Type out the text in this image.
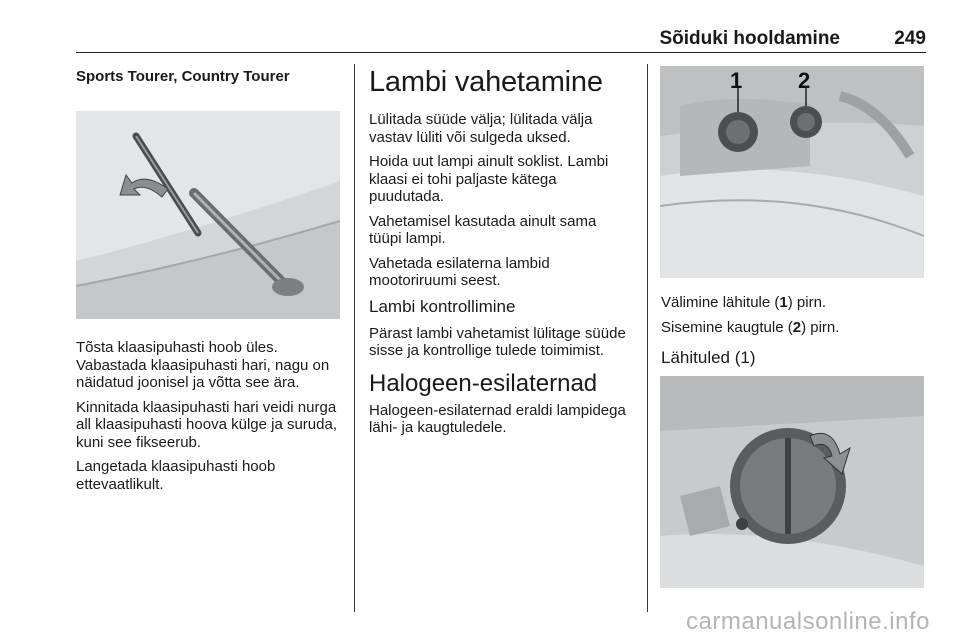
Sõiduki hooldamine	249
Sports Tourer, Country Tourer

Tõsta klaasipuhasti hoob üles. Vabastada klaasipuhasti hari, nagu on näidatud joonisel ja võtta see ära.

Kinnitada klaasipuhasti hari veidi nurga all klaasipuhasti hoova külge ja suruda, kuni see fikseerub.

Langetada klaasipuhasti hoob ettevaatlikult.

Lambi vahetamine

Lülitada süüde välja; lülitada välja vastav lüliti või sulgeda uksed.

Hoida uut lampi ainult soklist. Lambi klaasi ei tohi paljaste kätega puudutada.

Vahetamisel kasutada ainult sama tüüpi lampi.

Vahetada esilaterna lambid mootoriruumi seest.

Lambi kontrollimine

Pärast lambi vahetamist lülitage süüde sisse ja kontrollige tulede toimimist.

Halogeen-esilaternad

Halogeen-esilaternad eraldi lampidega lähi- ja kaugtuledele.

1	2

Välimine lähitule (1) pirn.

Sisemine kaugtule (2) pirn.

Lähituled (1)
carmanualsonline.info
